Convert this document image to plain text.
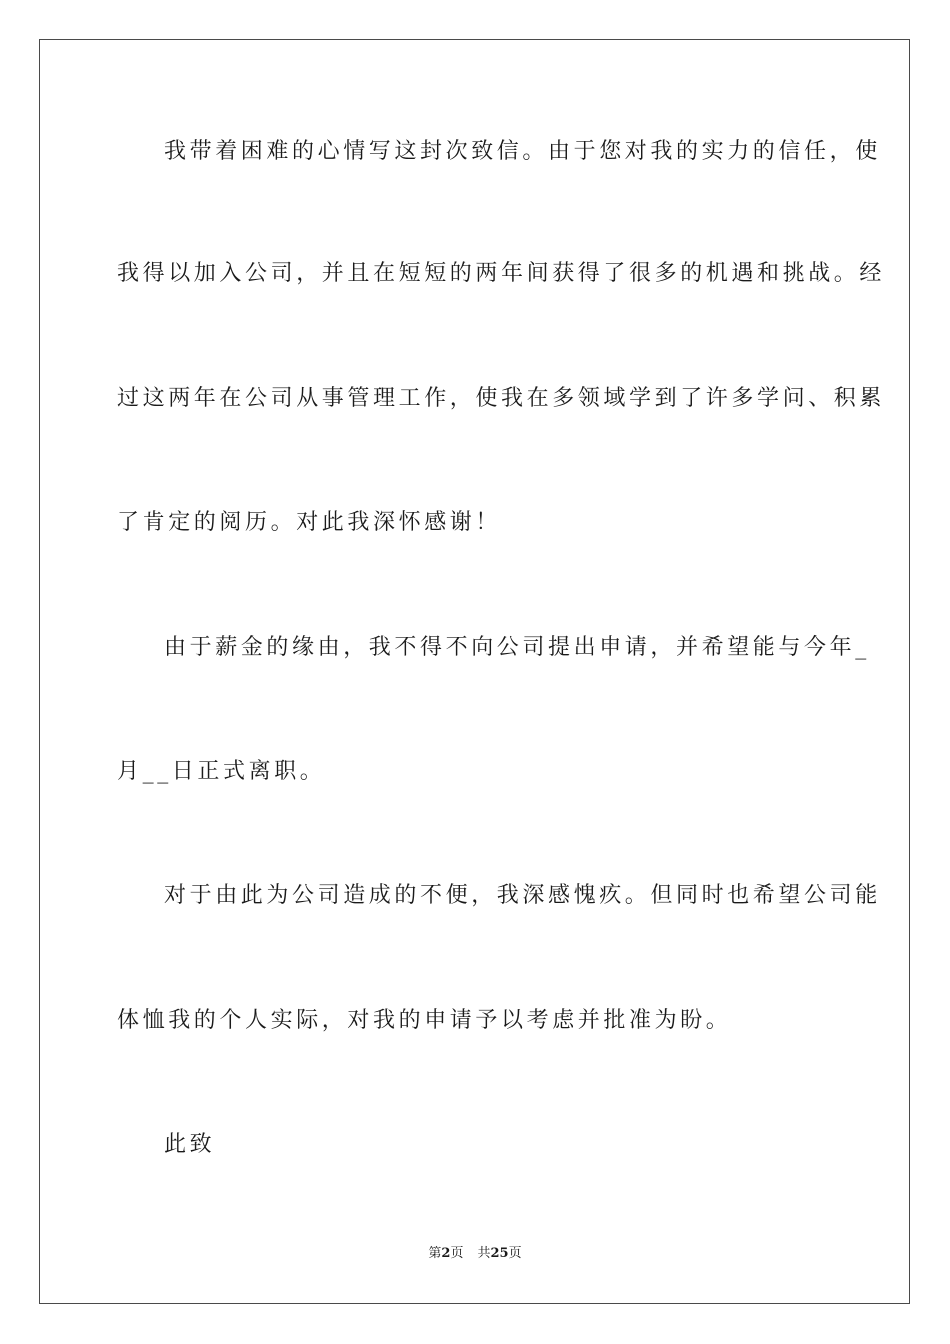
我带着困难的心情写这封次致信。由于您对我的实力的信任，使
我得以加入公司，并且在短短的两年间获得了很多的机遇和挑战。经
过这两年在公司从事管理工作，使我在多领域学到了许多学问、积累
了肯定的阅历。对此我深怀感谢！
由于薪金的缘由，我不得不向公司提出申请，并希望能与今年_
月__日正式离职。
对于由此为公司造成的不便，我深感愧疚。但同时也希望公司能
体恤我的个人实际，对我的申请予以考虑并批准为盼。
此致
第2页 共25页
